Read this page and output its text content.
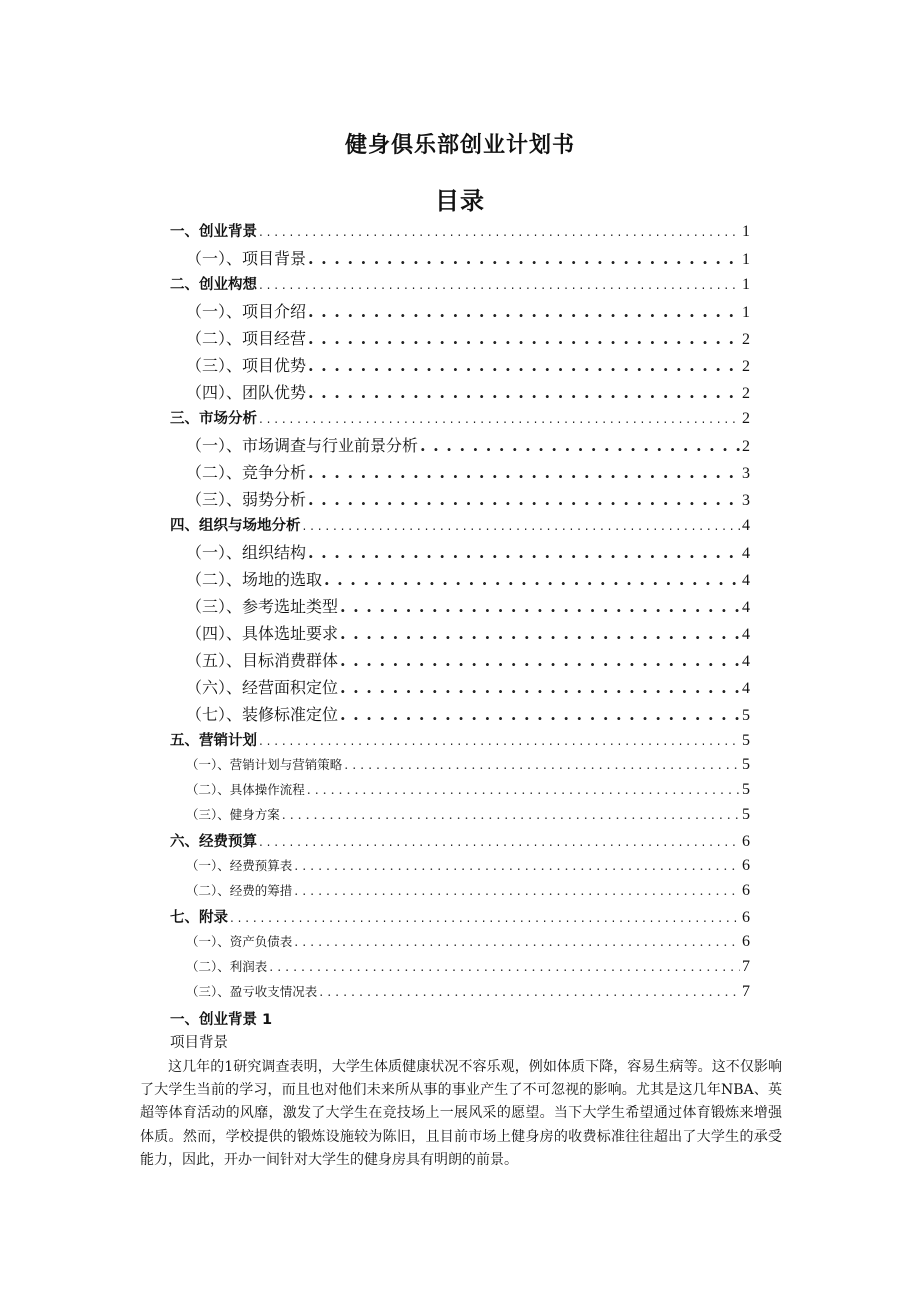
健身俱乐部创业计划书
目录
一、创业背景 . . .	1
（一）、项目背景 . . .	1
二、创业构想 . . .	1
（一）、项目介绍 . . .	1
（二）、项目经营 . . .	2
（三）、项目优势 . . .	2
（四）、团队优势 . . .	2
三、市场分析 . . .	2
（一）、市场调查与行业前景分析 . . .	2
（二）、竞争分析 . . .	3
（三）、弱势分析 . . .	3
四、组织与场地分析 . . .	4
（一）、组织结构 . . .	4
（二）、场地的选取 . . .	4
（三）、参考选址类型 . . .	4
（四）、具体选址要求 . . .	4
（五）、目标消费群体 . . .	4
（六）、经营面积定位 . . .	4
（七）、装修标准定位 . . .	5
五、营销计划 . . .	5
（一）、营销计划与营销策略 . . .	5
（二）、具体操作流程 . . .	5
（三）、健身方案 . . .	5
六、经费预算 . . .	6
（一）、经费预算表 . . .	6
（二）、经费的筹措 . . .	6
七、附录 . . .	6
（一）、资产负债表 . . .	6
（二）、利润表 . . .	7
（三）、盈亏收支情况表 . . .	7
一、创业背景 1
项目背景
这几年的1研究调查表明，大学生体质健康状况不容乐观，例如体质下降，容易生病等。这不仅影响了大学生当前的学习，而且也对他们未来所从事的事业产生了不可忽视的影响。尤其是这几年NBA、英超等体育活动的风靡，激发了大学生在竞技场上一展风采的愿望。当下大学生希望通过体育锻炼来增强体质。然而，学校提供的锻炼设施较为陈旧，且目前市场上健身房的收费标准往往超出了大学生的承受能力，因此，开办一间针对大学生的健身房具有明朗的前景。
